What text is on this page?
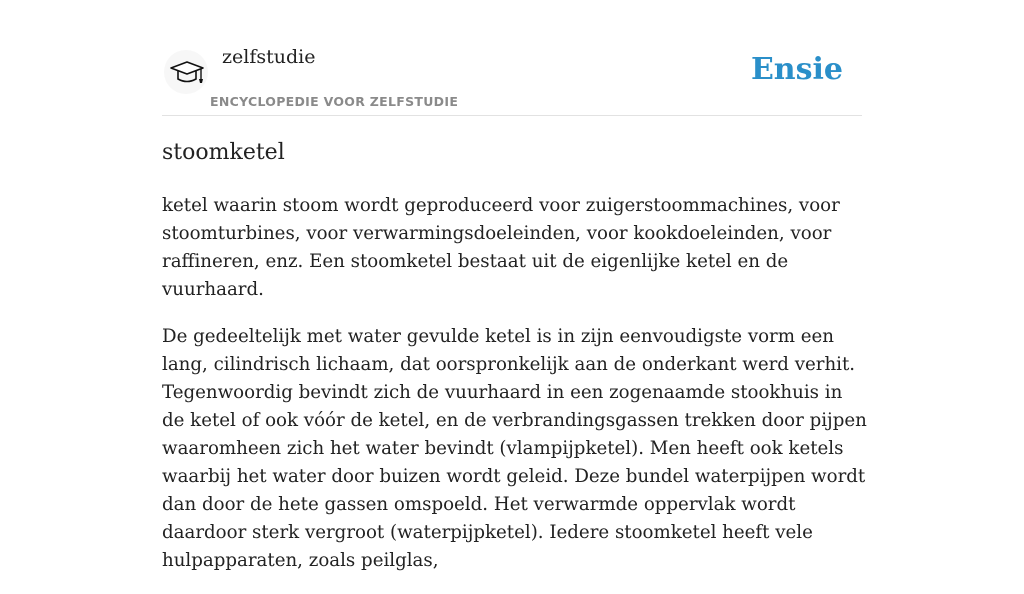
zelfstudie
ENCYCLOPEDIE VOOR ZELFSTUDIE
Ensie
stoomketel

ketel waarin stoom wordt geproduceerd voor zuigerstoommachines, voor stoomturbines, voor verwarmingsdoeleinden, voor kookdoeleinden, voor raffineren, enz. Een stoomketel bestaat uit de eigenlijke ketel en de vuurhaard.

De gedeeltelijk met water gevulde ketel is in zijn eenvoudigste vorm een lang, cilindrisch lichaam, dat oorspronkelijk aan de onderkant werd verhit. Tegenwoordig bevindt zich de vuurhaard in een zogenaamde stookhuis in de ketel of ook vóór de ketel, en de verbrandingsgassen trekken door pijpen waaromheen zich het water bevindt (vlampijpketel). Men heeft ook ketels waarbij het water door buizen wordt geleid. Deze bundel waterpijpen wordt dan door de hete gassen omspoeld. Het verwarmde oppervlak wordt daardoor sterk vergroot (waterpijpketel). Iedere stoomketel heeft vele hulpapparaten, zoals peilglas,
